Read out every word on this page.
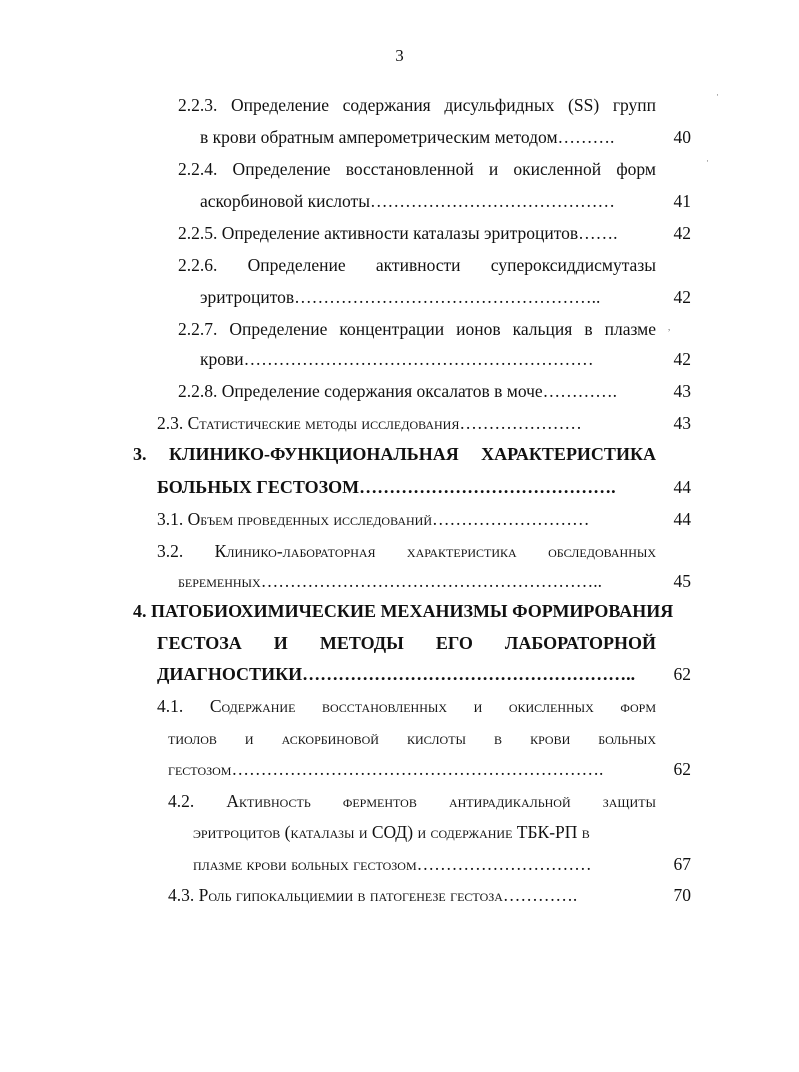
3
2.2.3. Определение содержания дисульфидных (SS) групп
в крови обратным амперометрическим методом……….	40
2.2.4. Определение восстановленной и окисленной форм
аскорбиновой кислоты……………………………………	41
2.2.5. Определение активности каталазы эритроцитов…….	42
2.2.6. Определение активности супероксиддисмутазы
эритроцитов……………………………………………..	42
2.2.7. Определение концентрации ионов кальция в плазме
крови……………………………………………………	42
2.2.8. Определение содержания оксалатов в моче………….	43
2.3. Статистические методы исследования…………………	43
3. КЛИНИКО-ФУНКЦИОНАЛЬНАЯ ХАРАКТЕРИСТИКА
БОЛЬНЫХ ГЕСТОЗОМ…………………………………….	44
3.1. Объем проведенных исследований………………………	44
3.2. Клинико-лабораторная характеристика обследованных
беременных…………………………………………………..	45
4. ПАТОБИОХИМИЧЕСКИЕ МЕХАНИЗМЫ ФОРМИРОВАНИЯ
ГЕСТОЗА И МЕТОДЫ ЕГО ЛАБОРАТОРНОЙ
ДИАГНОСТИКИ………………………………………………..	62
4.1. Содержание восстановленных и окисленных форм
тиолов и аскорбиновой кислоты в крови больных
гестозом……………………………………………………….	62
4.2. Активность ферментов антирадикальной защиты
эритроцитов (каталазы и СОД) и содержание ТБК-РП в
плазме крови больных гестозом…………………………	67
4.3. Роль гипокальциемии в патогенезе гестоза………….	70
·
·
,
